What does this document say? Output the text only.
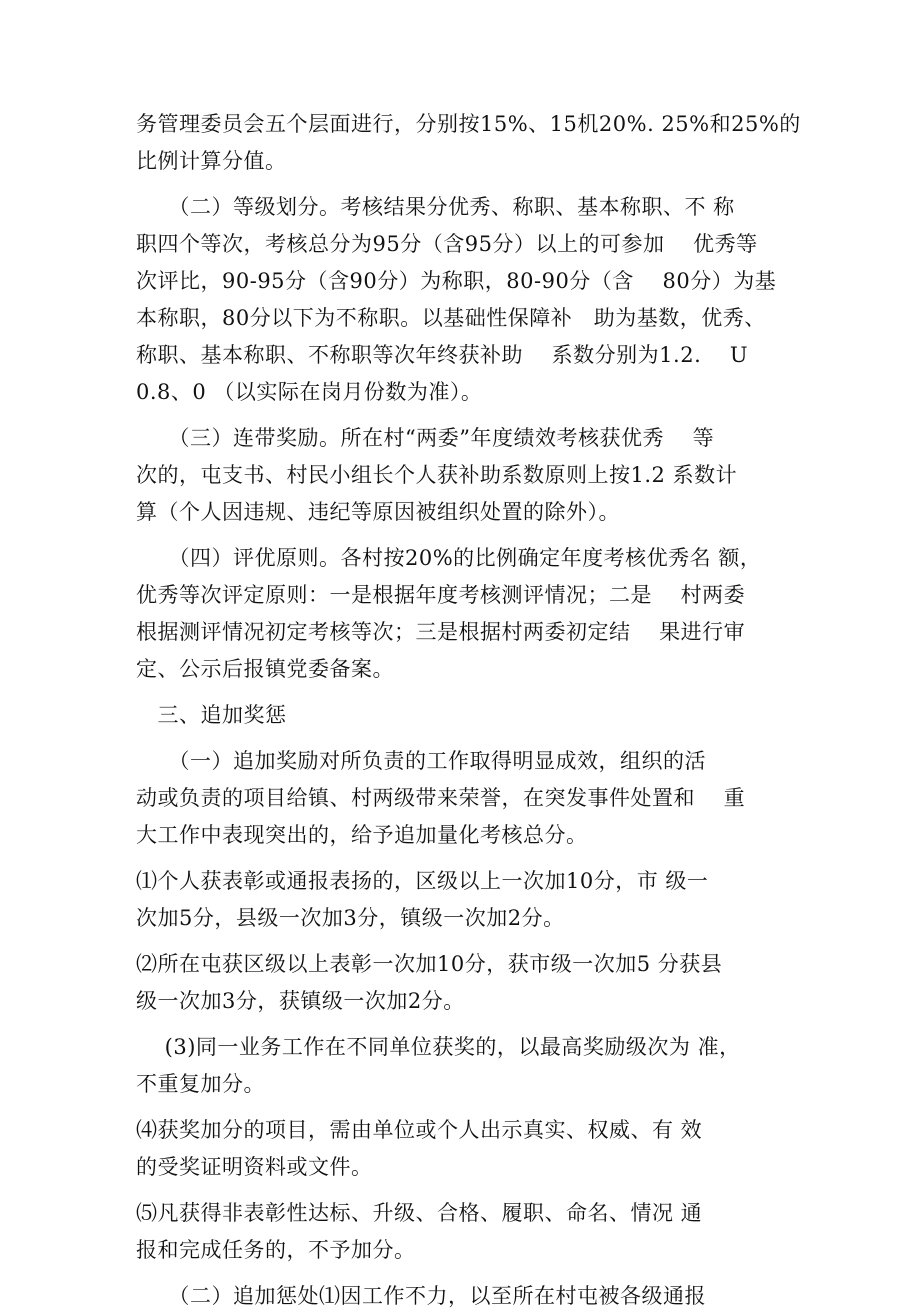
务管理委员会五个层面进行，分别按15%、15机20%. 25%和25%的
比例计算分值。
　　（二）等级划分。考核结果分优秀、称职、基本称职、不 称
职四个等次，考核总分为95分（含95分）以上的可参加　 优秀等
次评比，90-95分（含90分）为称职，80-90分（含　 80分）为基
本称职，80分以下为不称职。以基础性保障补　助为基数，优秀、
称职、基本称职、不称职等次年终获补助　 系数分别为1.2.　 U
0.8、0 （以实际在岗月份数为准）。
　　（三）连带奖励。所在村“两委”年度绩效考核获优秀　 等
次的，屯支书、村民小组长个人获补助系数原则上按1.2 系数计
算（个人因违规、违纪等原因被组织处置的除外）。
　　（四）评优原则。各村按20%的比例确定年度考核优秀名 额，
优秀等次评定原则：一是根据年度考核测评情况；二是　 村两委
根据测评情况初定考核等次；三是根据村两委初定结　 果进行审
定、公示后报镇党委备案。
　三、追加奖惩
　　（一）追加奖励对所负责的工作取得明显成效，组织的活
动或负责的项目给镇、村两级带来荣誉，在突发事件处置和　 重
大工作中表现突出的，给予追加量化考核总分。
⑴个人获表彰或通报表扬的，区级以上一次加10分，市 级一
次加5分，县级一次加3分，镇级一次加2分。
⑵所在屯获区级以上表彰一次加10分，获市级一次加5 分获县
级一次加3分，获镇级一次加2分。
　 (3)同一业务工作在不同单位获奖的，以最高奖励级次为 准，
不重复加分。
⑷获奖加分的项目，需由单位或个人出示真实、权威、有 效
的受奖证明资料或文件。
⑸凡获得非表彰性达标、升级、合格、履职、命名、情况 通
报和完成任务的，不予加分。
　　（二）追加惩处⑴因工作不力，以至所在村屯被各级通报
